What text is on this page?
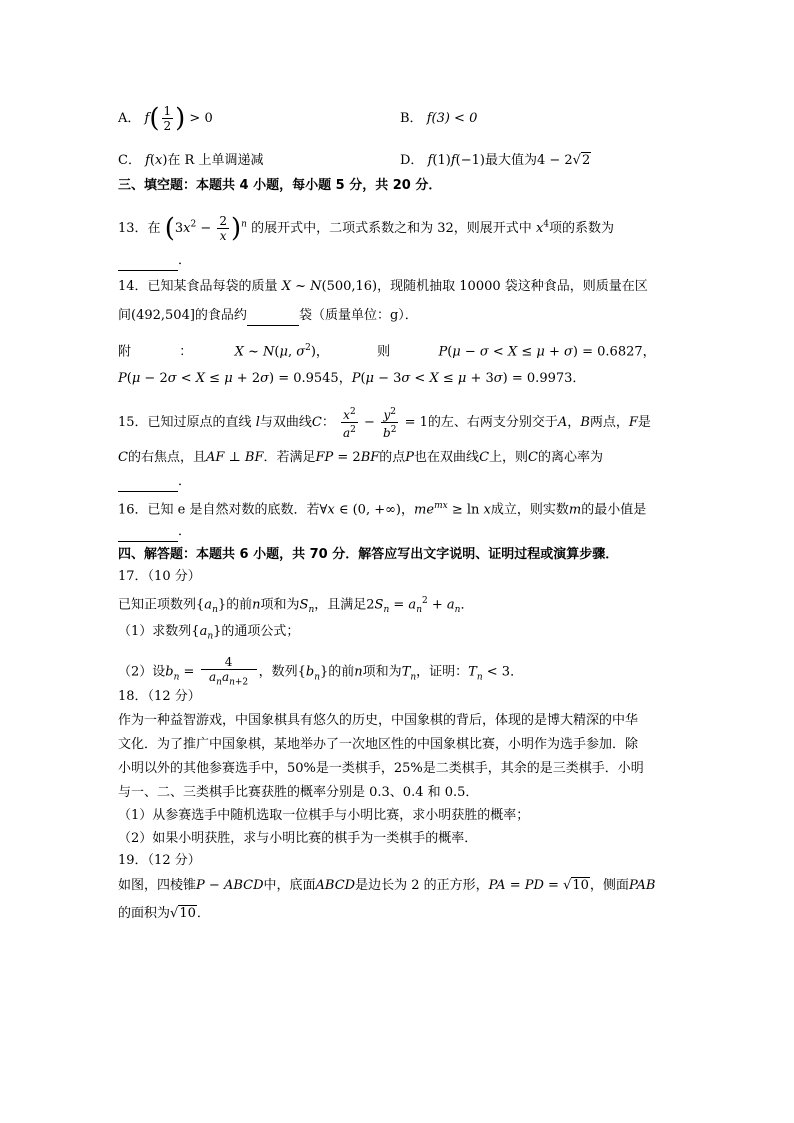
A． $f( \frac{1}{2}$ ) > 0	B． f(3) < 0
C． f(x)在 R 上单调递减	D． f(1)f(−1)最大值为4 − 2√2
三、填空题：本题共 4 小题，每小题 5 分，共 20 分．
13．在 $(3x^2 - \frac{2}{x} )^n$ 的展开式中，二项式系数之和为 32，则展开式中 $x^4$项的系数为
．
14．已知某食品每袋的质量 X ~ N(500,16)，现随机抽取 10000 袋这种食品，则质量在区
间(492,504]的食品约	袋（质量单位：g）．
附	：	X ~ N(μ, $\sigma^2$)，	则	P(μ − σ < X ≤ μ + σ) = 0.6827，
P(μ − 2σ < X ≤ μ + 2σ) = 0.9545，P(μ − 3σ < X ≤ μ + 3σ) = 0.9973．
15．已知过原点的直线 l与双曲线C： $\frac{x^2}{a^2} - \frac{y^2}{b^2} = 1$的左、右两支分别交于A，B两点，F是
C的右焦点，且AF ⊥ BF．若满足FP = 2BF的点P也在双曲线C上，则C的离心率为
．
16．已知 e 是自然对数的底数．若∀x ∈ (0, +∞)，$me^{mx} \ge \ln x$成立，则实数m的最小值是
．
四、解答题：本题共 6 小题，共 70 分．解答应写出文字说明、证明过程或演算步骤．
17．（10 分）
已知正项数列$\{a_n\}$的前n项和为$S_n$，且满足$2S_n = a_n^2 + a_n$．
（1）求数列$\{a_n\}$的通项公式；
（2）设$b_n = \frac{4}{a_na_{n+2}}$ ，数列$\{b_n\}$的前n项和为$T_n$，证明：$T_n < 3$．
18．（12 分）
作为一种益智游戏，中国象棋具有悠久的历史，中国象棋的背后，体现的是博大精深的中华
文化．为了推广中国象棋，某地举办了一次地区性的中国象棋比赛，小明作为选手参加．除
小明以外的其他参赛选手中，50%是一类棋手，25%是二类棋手，其余的是三类棋手．小明
与一、二、三类棋手比赛获胜的概率分别是 0.3、0.4 和 0.5．
（1）从参赛选手中随机选取一位棋手与小明比赛，求小明获胜的概率；
（2）如果小明获胜，求与小明比赛的棋手为一类棋手的概率．
19．（12 分）
如图，四棱锥P − ABCD中，底面ABCD是边长为 2 的正方形，PA = PD = √10，侧面PAB
的面积为√10．
